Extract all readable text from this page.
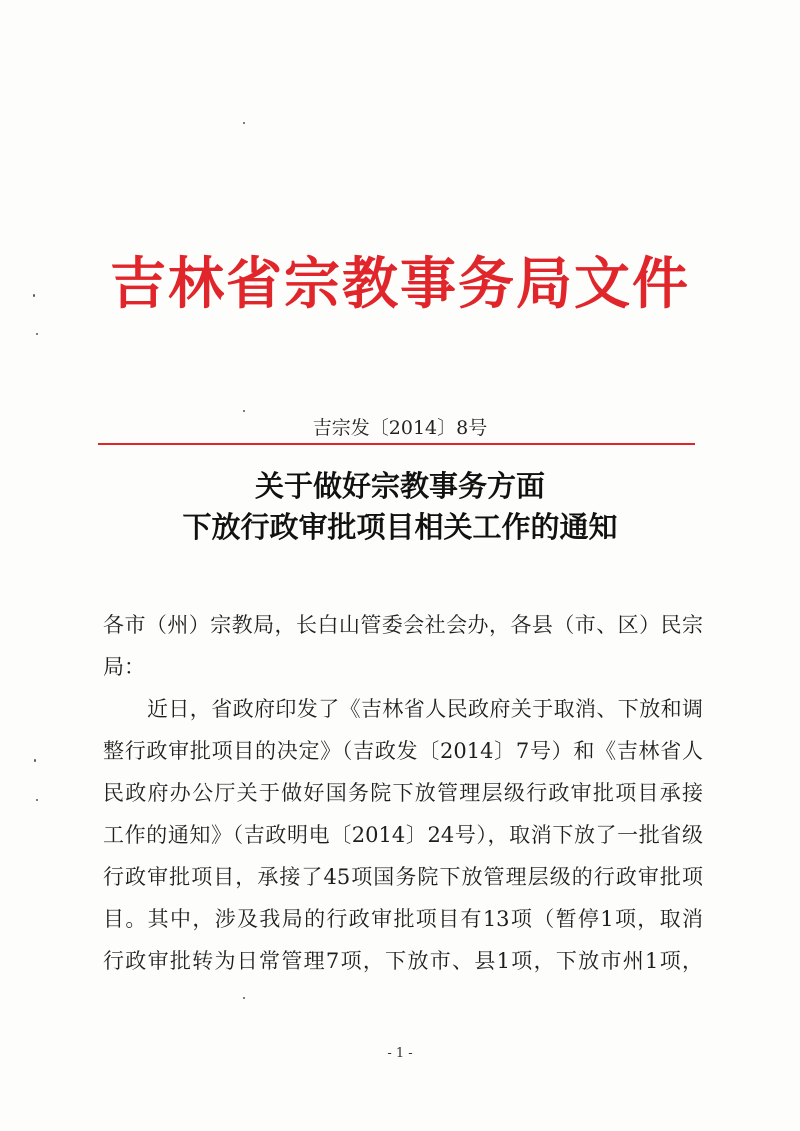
吉林省宗教事务局文件
吉宗发〔2014〕8号
关于做好宗教事务方面
下放行政审批项目相关工作的通知
各市（州）宗教局，长白山管委会社会办，各县（市、区）民宗
局：
近日，省政府印发了《吉林省人民政府关于取消、下放和调
整行政审批项目的决定》（吉政发〔2014〕7号）和《吉林省人
民政府办公厅关于做好国务院下放管理层级行政审批项目承接
工作的通知》（吉政明电〔2014〕24号），取消下放了一批省级
行政审批项目，承接了45项国务院下放管理层级的行政审批项
目。其中，涉及我局的行政审批项目有13项（暂停1项，取消
行政审批转为日常管理7项，下放市、县1项，下放市州1项，
- 1 -
